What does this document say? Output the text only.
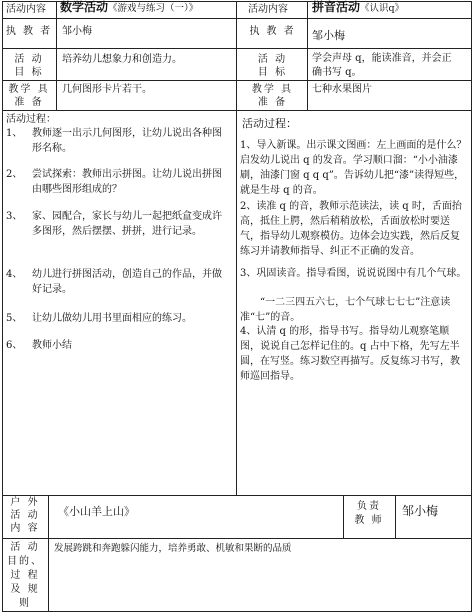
活动内容 数学活动《游戏与练习（一）》
执 教 者 邹小梅
活 动
目 标
培养幼儿想象力和创造力。
教学 具
准 备
几何图形卡片若干。
活动内容 拼音活动《认识q》
执 教 者	邹小梅
活 动
目 标
学会声母 q，能读准音，并会正
确书写 q。
教学 具
准 备
七种水果图片
活动过程：
1、 教师逐一出示几何图形，让幼儿说出各种图形名称。
2、 尝试探索：教师出示拼图。让幼儿说出拼图由哪些图形组成的？
3、 家、园配合，家长与幼儿一起把纸盒变成许多图形，然后摆摆、拼拼，进行记录。
4、 幼儿进行拼图活动，创造自己的作品，并做好记录。
5、 让幼儿做幼儿用书里面相应的练习。
6、 教师小结
活动过程：
1、导入新课。出示课文图画：左上画面的是什么？启发幼儿说出 q 的发音。学习顺口溜：“小小油漆刷，油漆门窗 q q q”。告诉幼儿把“漆”读得短些，就是生母 q 的音。
2、读准 q 的音，教师示范读法，读 q 时，舌面抬高，抵住上腭，然后稍稍放松，舌面放松时要送气，指导幼儿观察模仿。边体会边实践，然后反复练习并请教师指导、纠正不正确的发音。
3、巩固读音。指导看图，说说说图中有几个气球。
“一二三四五六七，七个气球七七七”注意读准“七”的音。
4、认清 q 的形，指导书写。指导幼儿观察笔顺图，说说自己怎样记住的。q 占中下格，先写左半圆，在写竖。练习数空再描写。反复练习书写，教师巡回指导。
户 外
活 动
内 容
《小山羊上山》	负责
教 师
邹小梅
活 动
目的、
过 程
及 规
则
发展跨跳和奔跑躲闪能力，培养勇敢、机敏和果断的品质
